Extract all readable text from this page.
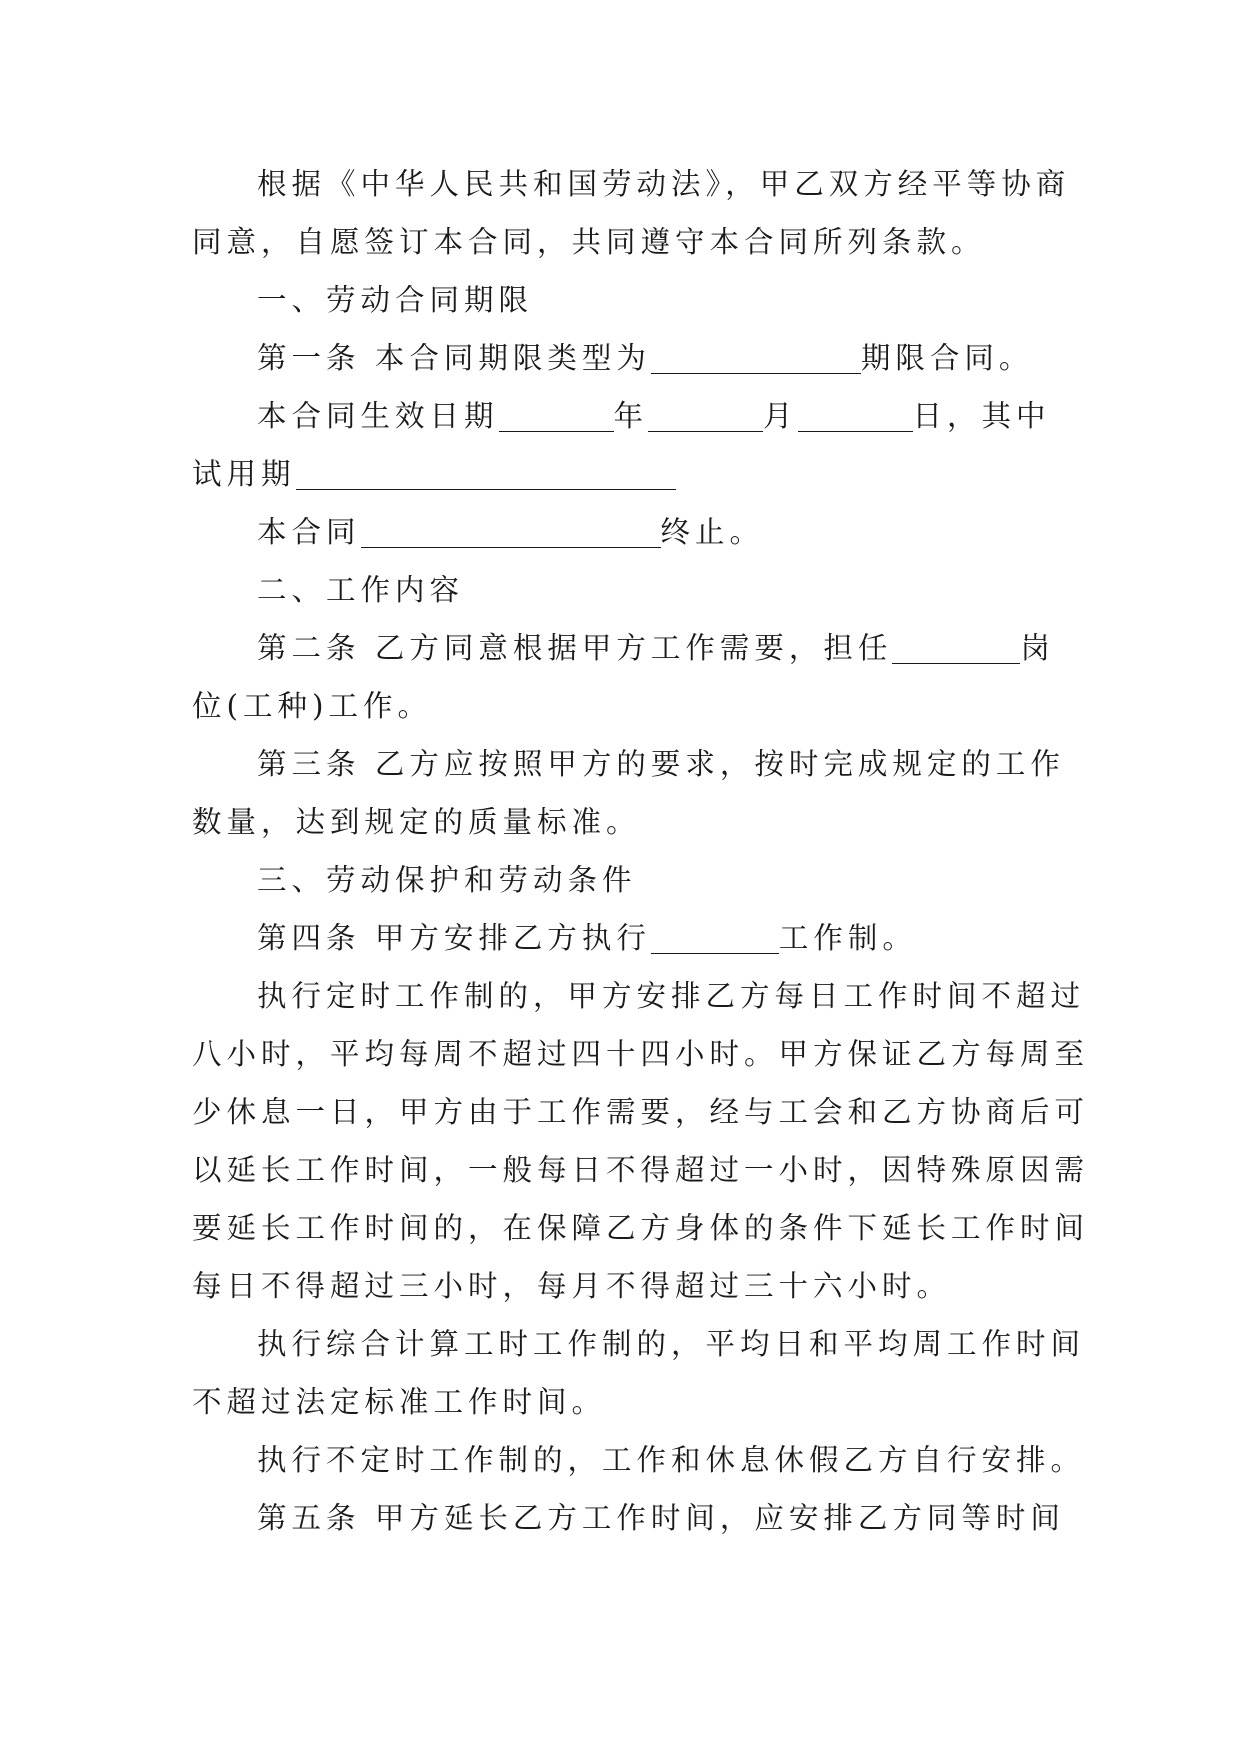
根据《中华人民共和国劳动法》，甲乙双方经平等协商
同意，自愿签订本合同，共同遵守本合同所列条款。
一、劳动合同期限
第一条 本合同期限类型为	期限合同。
本合同生效日期	年	月	日，其中
试用期
本合同	终止。
二、工作内容
第二条 乙方同意根据甲方工作需要，担任	岗
位(工种)工作。
第三条 乙方应按照甲方的要求，按时完成规定的工作
数量，达到规定的质量标准。
三、劳动保护和劳动条件
第四条 甲方安排乙方执行	工作制。
执行定时工作制的，甲方安排乙方每日工作时间不超过
八小时，平均每周不超过四十四小时。甲方保证乙方每周至
少休息一日，甲方由于工作需要，经与工会和乙方协商后可
以延长工作时间，一般每日不得超过一小时，因特殊原因需
要延长工作时间的，在保障乙方身体的条件下延长工作时间
每日不得超过三小时，每月不得超过三十六小时。
执行综合计算工时工作制的，平均日和平均周工作时间
不超过法定标准工作时间。
执行不定时工作制的，工作和休息休假乙方自行安排。
第五条 甲方延长乙方工作时间，应安排乙方同等时间
